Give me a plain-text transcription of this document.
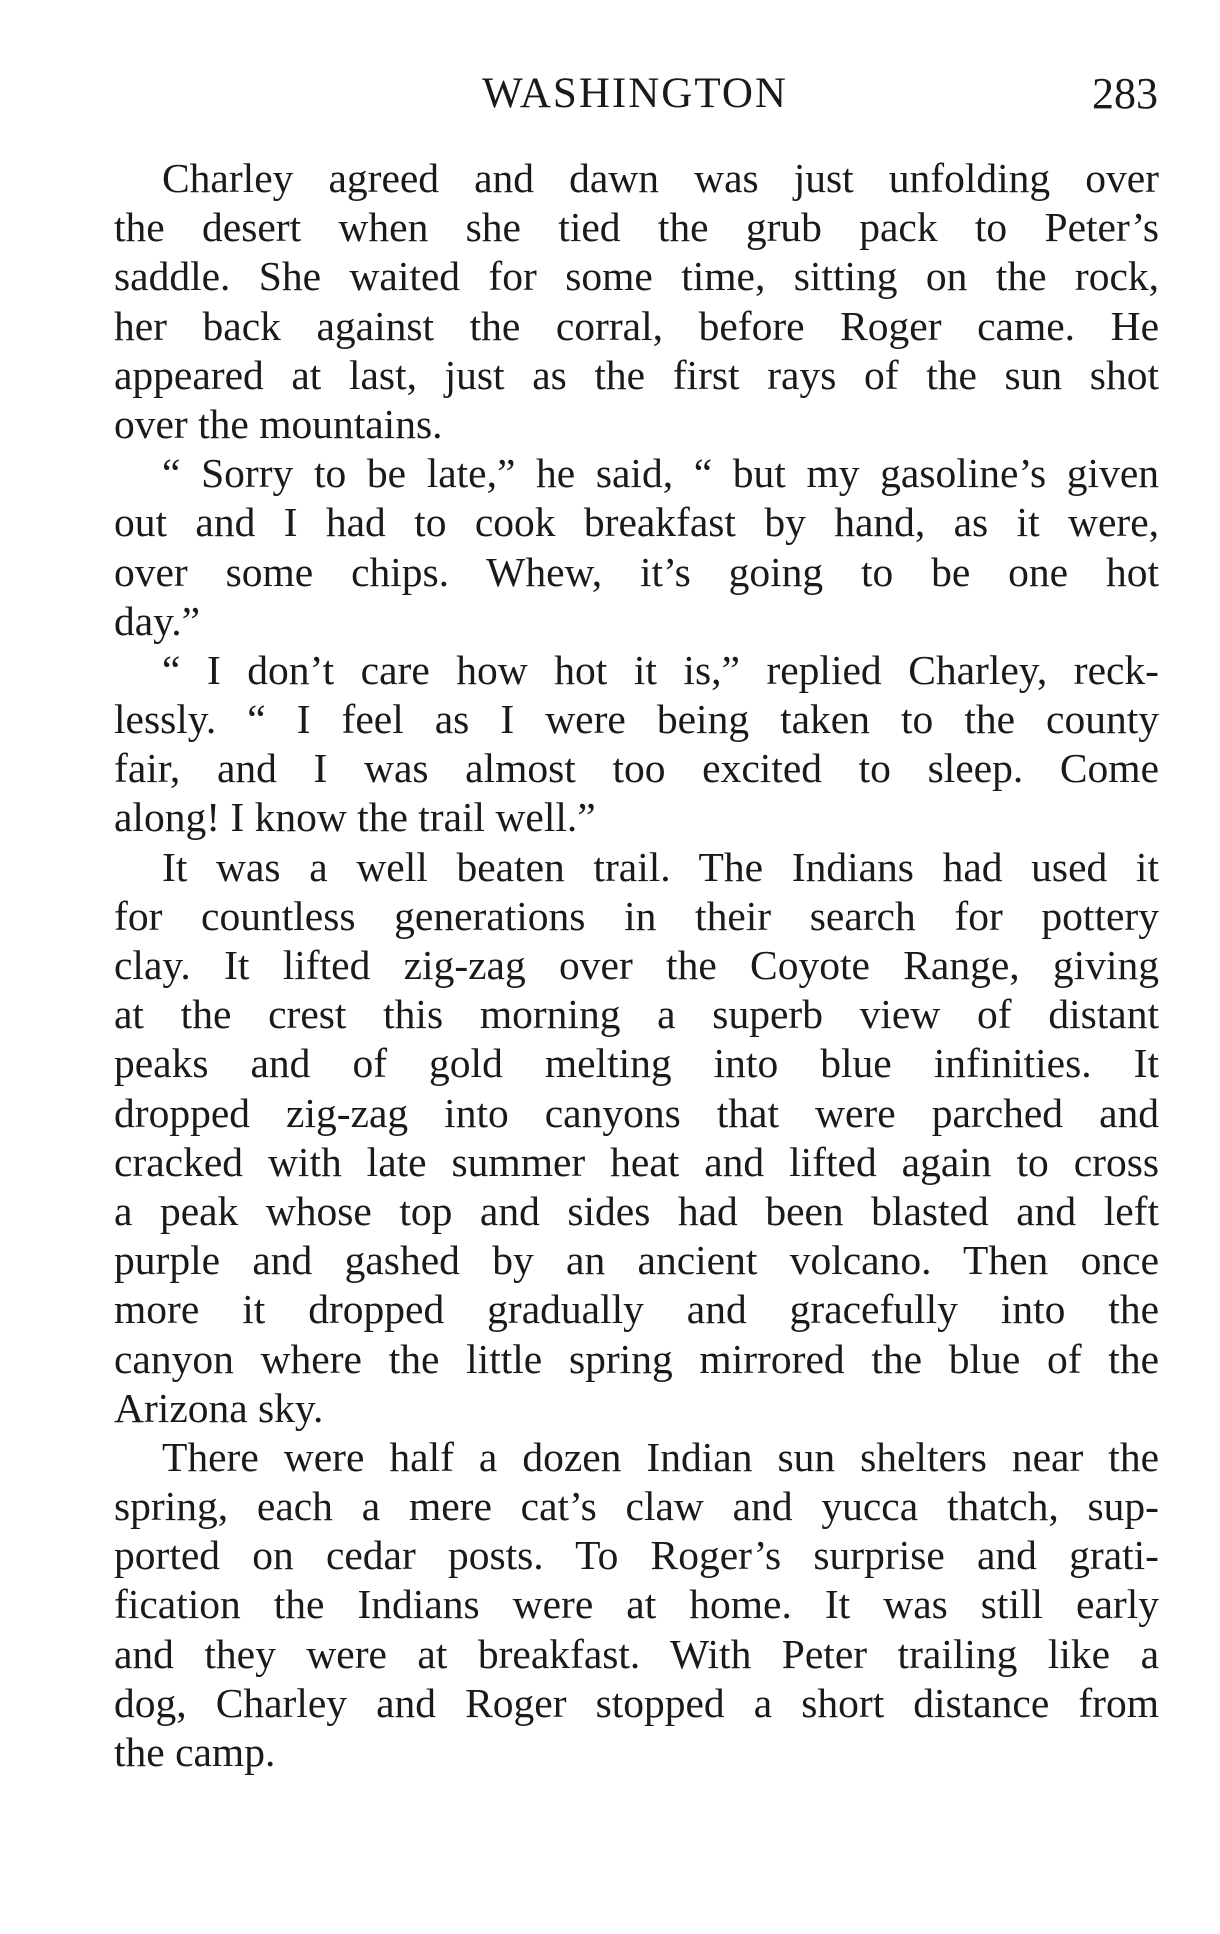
WASHINGTON	283
Charley agreed and dawn was just unfolding over
the desert when she tied the grub pack to Peter’s
saddle. She waited for some time, sitting on the rock,
her back against the corral, before Roger came. He
appeared at last, just as the first rays of the sun shot
over the mountains.
“ Sorry to be late,” he said, “ but my gasoline’s given
out and I had to cook breakfast by hand, as it were,
over some chips. Whew, it’s going to be one hot
day.”
“ I don’t care how hot it is,” replied Charley, reck-
lessly. “ I feel as I were being taken to the county
fair, and I was almost too excited to sleep. Come
along! I know the trail well.”
It was a well beaten trail. The Indians had used it
for countless generations in their search for pottery
clay. It lifted zig-zag over the Coyote Range, giving
at the crest this morning a superb view of distant
peaks and of gold melting into blue infinities. It
dropped zig-zag into canyons that were parched and
cracked with late summer heat and lifted again to cross
a peak whose top and sides had been blasted and left
purple and gashed by an ancient volcano. Then once
more it dropped gradually and gracefully into the
canyon where the little spring mirrored the blue of the
Arizona sky.
There were half a dozen Indian sun shelters near the
spring, each a mere cat’s claw and yucca thatch, sup-
ported on cedar posts. To Roger’s surprise and grati-
fication the Indians were at home. It was still early
and they were at breakfast. With Peter trailing like a
dog, Charley and Roger stopped a short distance from
the camp.
